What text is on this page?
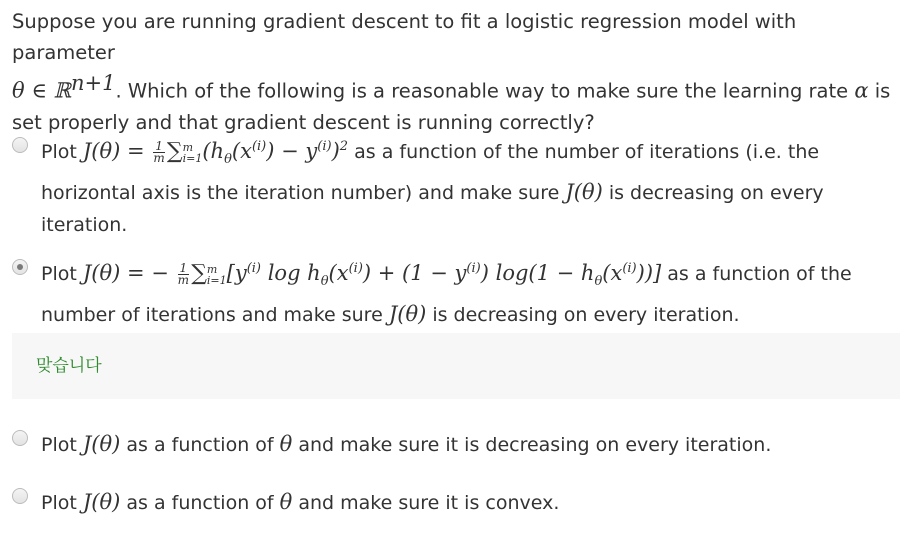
Suppose you are running gradient descent to fit a logistic regression model with parameter
θ ∈ ℝ$^{n+1}$. Which of the following is a reasonable way to make sure the learning rate α is set properly and that gradient descent is running correctly?
Plot $J(\theta) = \frac{1}{m}$ ∑ m
i=1 $(h_\theta(x^{(i)}) - y^{(i)})^2$ as a function of the number of iterations (i.e. the horizontal axis is the iteration number) and make sure J(θ) is decreasing on every iteration.
Plot J(θ) = − $\frac{1}{m}$ ∑ m
i=1 [$y^{(i)}$ $\log h_\theta(x^{(i)}) + (1 - y^{(i)}) \log(1 - h_\theta(x^{(i)}))$] as a function of the number of iterations and make sure J(θ) is decreasing on every iteration.
맞습니다
Plot J(θ) as a function of θ and make sure it is decreasing on every iteration.
Plot J(θ) as a function of θ and make sure it is convex.
